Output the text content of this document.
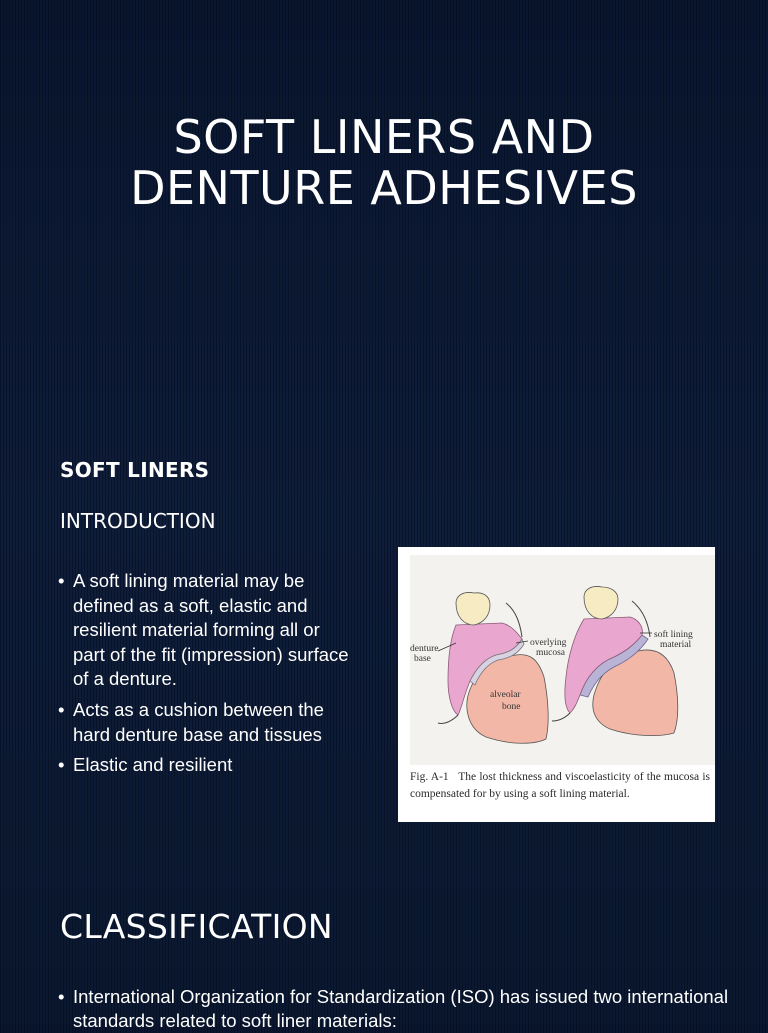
SOFT LINERS AND
DENTURE ADHESIVES
SOFT LINERS
INTRODUCTION
• A soft lining material may be defined as a soft, elastic and resilient material forming all or part of the fit (impression) surface of a denture.
• Acts as a cushion between the hard denture base and tissues
• Elastic and resilient
denture
base
overlying
mucosa
alveolar
bone
soft lining
material
Fig. A-1 The lost thickness and viscoelasticity of the mucosa is compensated for by using a soft lining material.
CLASSIFICATION
• International Organization for Standardization (ISO) has issued two international standards related to soft liner materials:
